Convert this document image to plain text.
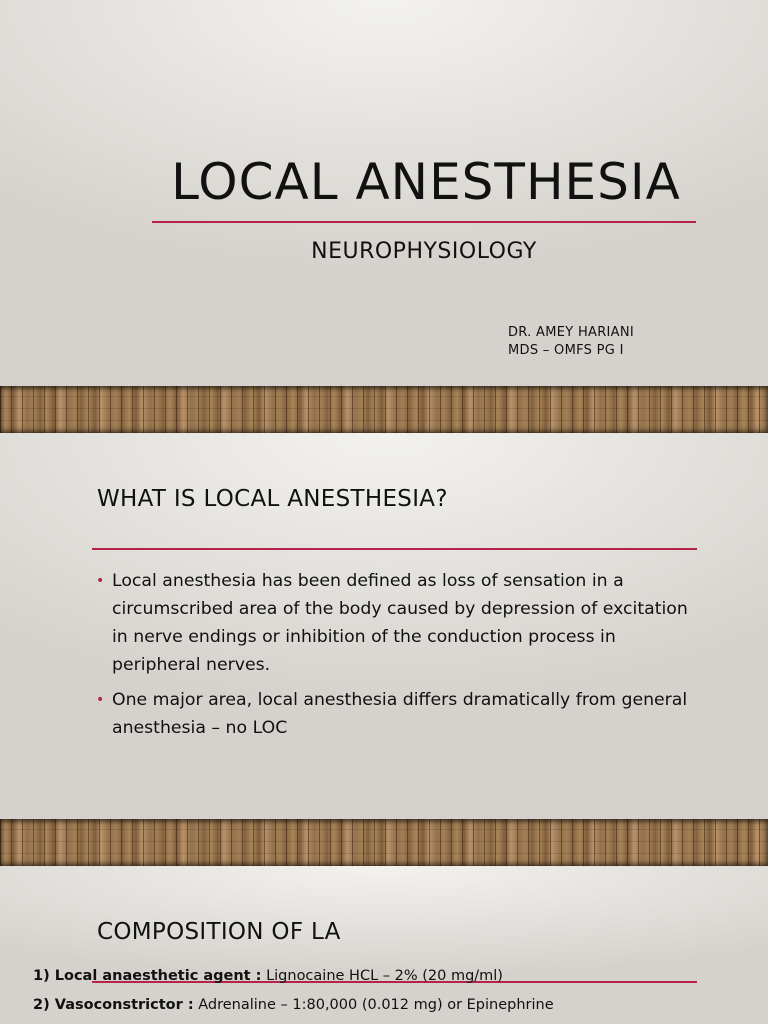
LOCAL ANESTHESIA
NEUROPHYSIOLOGY
DR. AMEY HARIANI
MDS – OMFS PG I
WHAT IS LOCAL ANESTHESIA?
• Local anesthesia has been defined as loss of sensation in a circumscribed area of the body caused by depression of excitation in nerve endings or inhibition of the conduction process in peripheral nerves.
• One major area, local anesthesia differs dramatically from general anesthesia – no LOC
COMPOSITION OF LA
1) Local anaesthetic agent : Lignocaine HCL – 2% (20 mg/ml)
2) Vasoconstrictor : Adrenaline – 1:80,000 (0.012 mg) or Epinephrine
